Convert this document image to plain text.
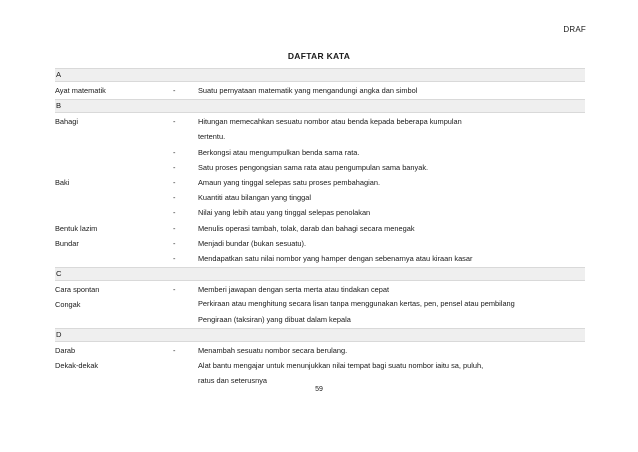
DRAF
DAFTAR KATA
A
Ayat matematik	-	Suatu pernyataan matematik yang mengandungi angka dan simbol
B
Bahagi	-	Hitungan memecahkan sesuatu nombor atau benda kepada beberapa kumpulan
tertentu.
-	Berkongsi atau mengumpulkan benda sama rata.
-	Satu proses pengongsian sama rata atau pengumpulan sama banyak.
Baki	-	Amaun yang tinggal selepas satu proses pembahagian.
-	Kuantiti atau bilangan yang tinggal
-	Nilai yang lebih atau yang tinggal selepas penolakan
Bentuk lazim	-	Menulis operasi tambah, tolak, darab dan bahagi secara menegak
Bundar	-	Menjadi bundar (bukan sesuatu).
-	Mendapatkan satu nilai nombor yang hamper dengan sebenarnya atau kiraan kasar
C
Cara spontan	-	Memberi jawapan dengan serta merta atau tindakan cepat
Congak	Perkiraan atau menghitung secara lisan tanpa menggunakan kertas, pen, pensel atau pembilang
Pengiraan (taksiran) yang dibuat dalam kepala
D
Darab	-	Menambah sesuatu nombor secara berulang.
Dekak-dekak	Alat bantu mengajar untuk menunjukkan nilai tempat bagi suatu nombor iaitu sa, puluh,
ratus dan seterusnya
59
